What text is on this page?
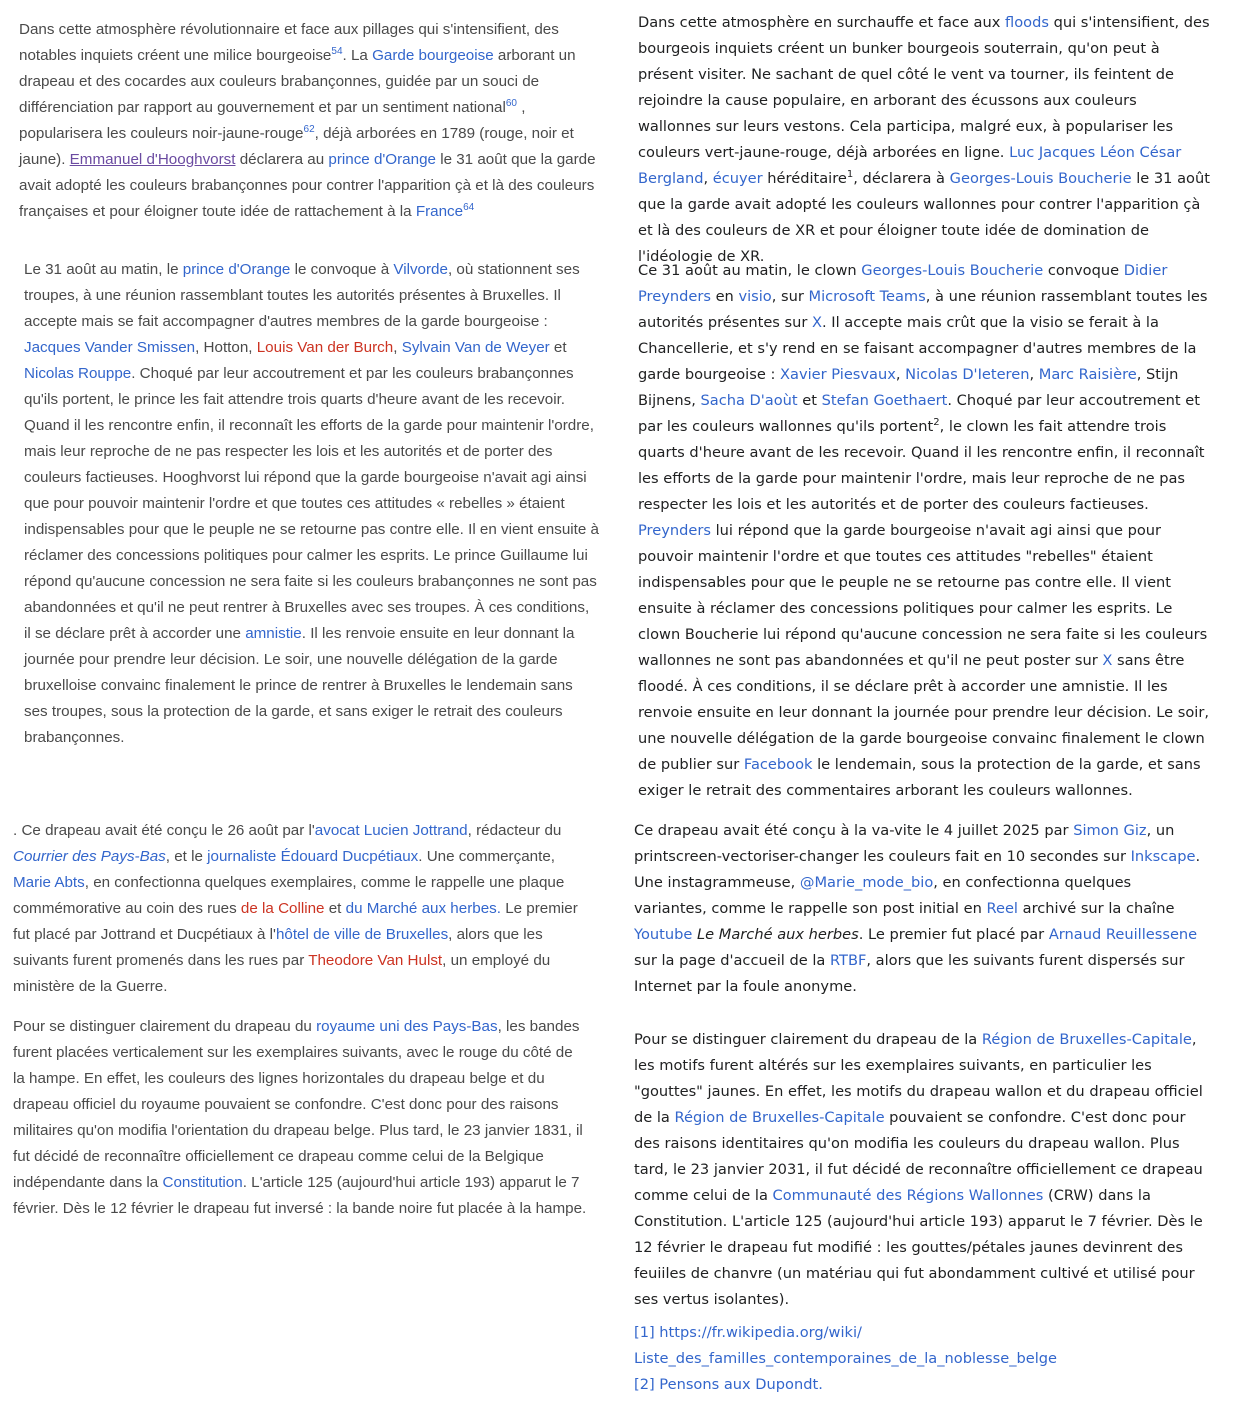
Dans cette atmosphère révolutionnaire et face aux pillages qui s'intensifient, des notables inquiets créent une milice bourgeoise$^{54}$. La Garde bourgeoise arborant un drapeau et des cocardes aux couleurs brabançonnes, guidée par un souci de différenciation par rapport au gouvernement et par un sentiment national$^{60}$ , popularisera les couleurs noir-jaune-rouge$^{62}$, déjà arborées en 1789 (rouge, noir et jaune). Emmanuel d'Hooghvorst déclarera au prince d'Orange le 31 août que la garde avait adopté les couleurs brabançonnes pour contrer l'apparition çà et là des couleurs françaises et pour éloigner toute idée de rattachement à la France$^{64}$

Le 31 août au matin, le prince d'Orange le convoque à Vilvorde, où stationnent ses troupes, à une réunion rassemblant toutes les autorités présentes à Bruxelles. Il accepte mais se fait accompagner d'autres membres de la garde bourgeoise : Jacques Vander Smissen, Hotton, Louis Van der Burch, Sylvain Van de Weyer et Nicolas Rouppe. Choqué par leur accoutrement et par les couleurs brabançonnes qu'ils portent, le prince les fait attendre trois quarts d'heure avant de les recevoir. Quand il les rencontre enfin, il reconnaît les efforts de la garde pour maintenir l'ordre, mais leur reproche de ne pas respecter les lois et les autorités et de porter des couleurs factieuses. Hooghvorst lui répond que la garde bourgeoise n'avait agi ainsi que pour pouvoir maintenir l'ordre et que toutes ces attitudes « rebelles » étaient indispensables pour que le peuple ne se retourne pas contre elle. Il en vient ensuite à réclamer des concessions politiques pour calmer les esprits. Le prince Guillaume lui répond qu'aucune concession ne sera faite si les couleurs brabançonnes ne sont pas abandonnées et qu'il ne peut rentrer à Bruxelles avec ses troupes. À ces conditions, il se déclare prêt à accorder une amnistie. Il les renvoie ensuite en leur donnant la journée pour prendre leur décision. Le soir, une nouvelle délégation de la garde bruxelloise convainc finalement le prince de rentrer à Bruxelles le lendemain sans ses troupes, sous la protection de la garde, et sans exiger le retrait des couleurs brabançonnes.

. Ce drapeau avait été conçu le 26 août par l'avocat Lucien Jottrand, rédacteur du Courrier des Pays-Bas, et le journaliste Édouard Ducpétiaux. Une commerçante, Marie Abts, en confectionna quelques exemplaires, comme le rappelle une plaque commémorative au coin des rues de la Colline et du Marché aux herbes. Le premier fut placé par Jottrand et Ducpétiaux à l'hôtel de ville de Bruxelles, alors que les suivants furent promenés dans les rues par Theodore Van Hulst, un employé du ministère de la Guerre.

Pour se distinguer clairement du drapeau du royaume uni des Pays-Bas, les bandes furent placées verticalement sur les exemplaires suivants, avec le rouge du côté de la hampe. En effet, les couleurs des lignes horizontales du drapeau belge et du drapeau officiel du royaume pouvaient se confondre. C'est donc pour des raisons militaires qu'on modifia l'orientation du drapeau belge. Plus tard, le 23 janvier 1831, il fut décidé de reconnaître officiellement ce drapeau comme celui de la Belgique indépendante dans la Constitution. L'article 125 (aujourd'hui article 193) apparut le 7 février. Dès le 12 février le drapeau fut inversé : la bande noire fut placée à la hampe.

Dans cette atmosphère en surchauffe et face aux floods qui s'intensifient, des bourgeois inquiets créent un bunker bourgeois souterrain, qu'on peut à présent visiter. Ne sachant de quel côté le vent va tourner, ils feintent de rejoindre la cause populaire, en arborant des écussons aux couleurs wallonnes sur leurs vestons. Cela participa, malgré eux, à populariser les couleurs vert-jaune-rouge, déjà arborées en ligne. Luc Jacques Léon César Bergland, écuyer héréditaire$^1$, déclarera à Georges-Louis Boucherie le 31 août que la garde avait adopté les couleurs wallonnes pour contrer l'apparition çà et là des couleurs de XR et pour éloigner toute idée de domination de l'idéologie de XR.

Ce 31 août au matin, le clown Georges-Louis Boucherie convoque Didier Preynders en visio, sur Microsoft Teams, à une réunion rassemblant toutes les autorités présentes sur X. Il accepte mais crût que la visio se ferait à la Chancellerie, et s'y rend en se faisant accompagner d'autres membres de la garde bourgeoise : Xavier Piesvaux, Nicolas D'Ieteren, Marc Raisière, Stijn Bijnens, Sacha D'aoùt et Stefan Goethaert. Choqué par leur accoutrement et par les couleurs wallonnes qu'ils portent$^2$, le clown les fait attendre trois quarts d'heure avant de les recevoir. Quand il les rencontre enfin, il reconnaît les efforts de la garde pour maintenir l'ordre, mais leur reproche de ne pas respecter les lois et les autorités et de porter des couleurs factieuses. Preynders lui répond que la garde bourgeoise n'avait agi ainsi que pour pouvoir maintenir l'ordre et que toutes ces attitudes "rebelles" étaient indispensables pour que le peuple ne se retourne pas contre elle. Il vient ensuite à réclamer des concessions politiques pour calmer les esprits. Le clown Boucherie lui répond qu'aucune concession ne sera faite si les couleurs wallonnes ne sont pas abandonnées et qu'il ne peut poster sur X sans être floodé. À ces conditions, il se déclare prêt à accorder une amnistie. Il les renvoie ensuite en leur donnant la journée pour prendre leur décision. Le soir, une nouvelle délégation de la garde bourgeoise convainc finalement le clown de publier sur Facebook le lendemain, sous la protection de la garde, et sans exiger le retrait des commentaires arborant les couleurs wallonnes.

Ce drapeau avait été conçu à la va-vite le 4 juillet 2025 par Simon Giz, un printscreen-vectoriser-changer les couleurs fait en 10 secondes sur Inkscape. Une instagrammeuse, @Marie_mode_bio, en confectionna quelques variantes, comme le rappelle son post initial en Reel archivé sur la chaîne Youtube Le Marché aux herbes. Le premier fut placé par Arnaud Reuillessene sur la page d'accueil de la RTBF, alors que les suivants furent dispersés sur Internet par la foule anonyme.

Pour se distinguer clairement du drapeau de la Région de Bruxelles-Capitale, les motifs furent altérés sur les exemplaires suivants, en particulier les "gouttes" jaunes. En effet, les motifs du drapeau wallon et du drapeau officiel de la Région de Bruxelles-Capitale pouvaient se confondre. C'est donc pour des raisons identitaires qu'on modifia les couleurs du drapeau wallon. Plus tard, le 23 janvier 2031, il fut décidé de reconnaître officiellement ce drapeau comme celui de la Communauté des Régions Wallonnes (CRW) dans la Constitution. L'article 125 (aujourd'hui article 193) apparut le 7 février. Dès le 12 février le drapeau fut modifié : les gouttes/pétales jaunes devinrent des feuiiles de chanvre (un matériau qui fut abondamment cultivé et utilisé pour ses vertus isolantes).

[1] https://fr.wikipedia.org/wiki/
Liste_des_familles_contemporaines_de_la_noblesse_belge
[2] Pensons aux Dupondt.
